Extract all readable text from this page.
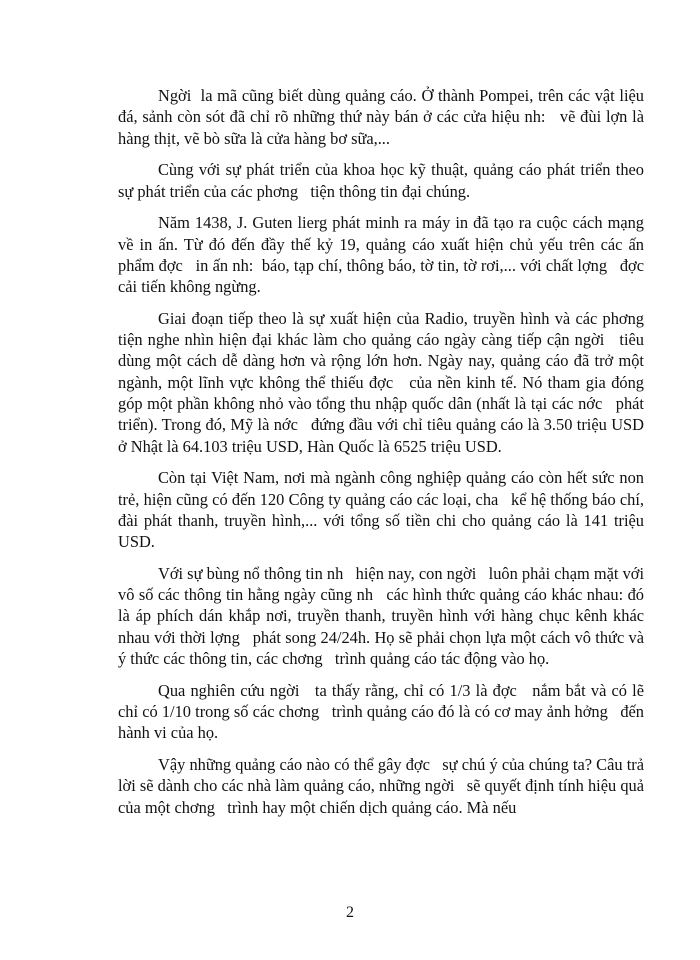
Ngời  la mã cũng biết dùng quảng cáo. Ở thành Pompei, trên các vật liệu đá, sảnh còn sót đã chỉ rõ những thứ này bán ở các cửa hiệu nh:   vẽ đùi lợn là hàng thịt, vẽ bò sữa là cửa hàng bơ sữa,...

Cùng với sự phát triển của khoa học kỹ thuật, quảng cáo phát triển theo sự phát triển của các phơng   tiện thông tin đại chúng.

Năm 1438, J. Guten lierg phát minh ra máy in đã tạo ra cuộc cách mạng về in ấn. Từ đó đến đầy thế kỷ 19, quảng cáo xuất hiện chủ yếu trên các ấn phẩm đợc   in ấn nh:  báo, tạp chí, thông báo, tờ tin, tờ rơi,... với chất lợng   đợc   cải tiến không ngừng.

Giai đoạn tiếp theo là sự xuất hiện của Radio, truyền hình và các phơng   tiện nghe nhìn hiện đại khác làm cho quảng cáo ngày càng tiếp cận ngời   tiêu dùng một cách dễ dàng hơn và rộng lớn hơn. Ngày nay, quảng cáo đã trở một ngành, một lĩnh vực không thể thiếu đợc   của nền kinh tế. Nó tham gia đóng góp một phần không nhỏ vào tổng thu nhập quốc dân (nhất là tại các nớc   phát triển). Trong đó, Mỹ là nớc   đứng đầu với chỉ tiêu quảng cáo là 3.50 triệu USD ở Nhật là 64.103 triệu USD, Hàn Quốc là 6525 triệu USD.

Còn tại Việt Nam, nơi mà ngành công nghiệp quảng cáo còn hết sức non trẻ, hiện cũng có đến 120 Công ty quảng cáo các loại, cha   kể hệ thống báo chí, đài phát thanh, truyền hình,... với tổng số tiền chi cho quảng cáo là 141 triệu USD.

Với sự bùng nổ thông tin nh   hiện nay, con ngời   luôn phải chạm mặt với vô số các thông tin hằng ngày cũng nh   các hình thức quảng cáo khác nhau: đó là áp phích dán khắp nơi, truyền thanh, truyền hình với hàng chục kênh khác nhau với thời lợng   phát song 24/24h. Họ sẽ phải chọn lựa một cách vô thức và ý thức các thông tin, các chơng   trình quảng cáo tác động vào họ.

Qua nghiên cứu ngời   ta thấy rằng, chỉ có 1/3 là đợc   nắm bắt và có lẽ chỉ có 1/10 trong số các chơng   trình quảng cáo đó là có cơ may ảnh hởng   đến hành vi của họ.

Vậy những quảng cáo nào có thể gây đợc   sự chú ý của chúng ta? Câu trả lời sẽ dành cho các nhà làm quảng cáo, những ngời   sẽ quyết định tính hiệu quả của một chơng   trình hay một chiến dịch quảng cáo. Mà nếu

2
